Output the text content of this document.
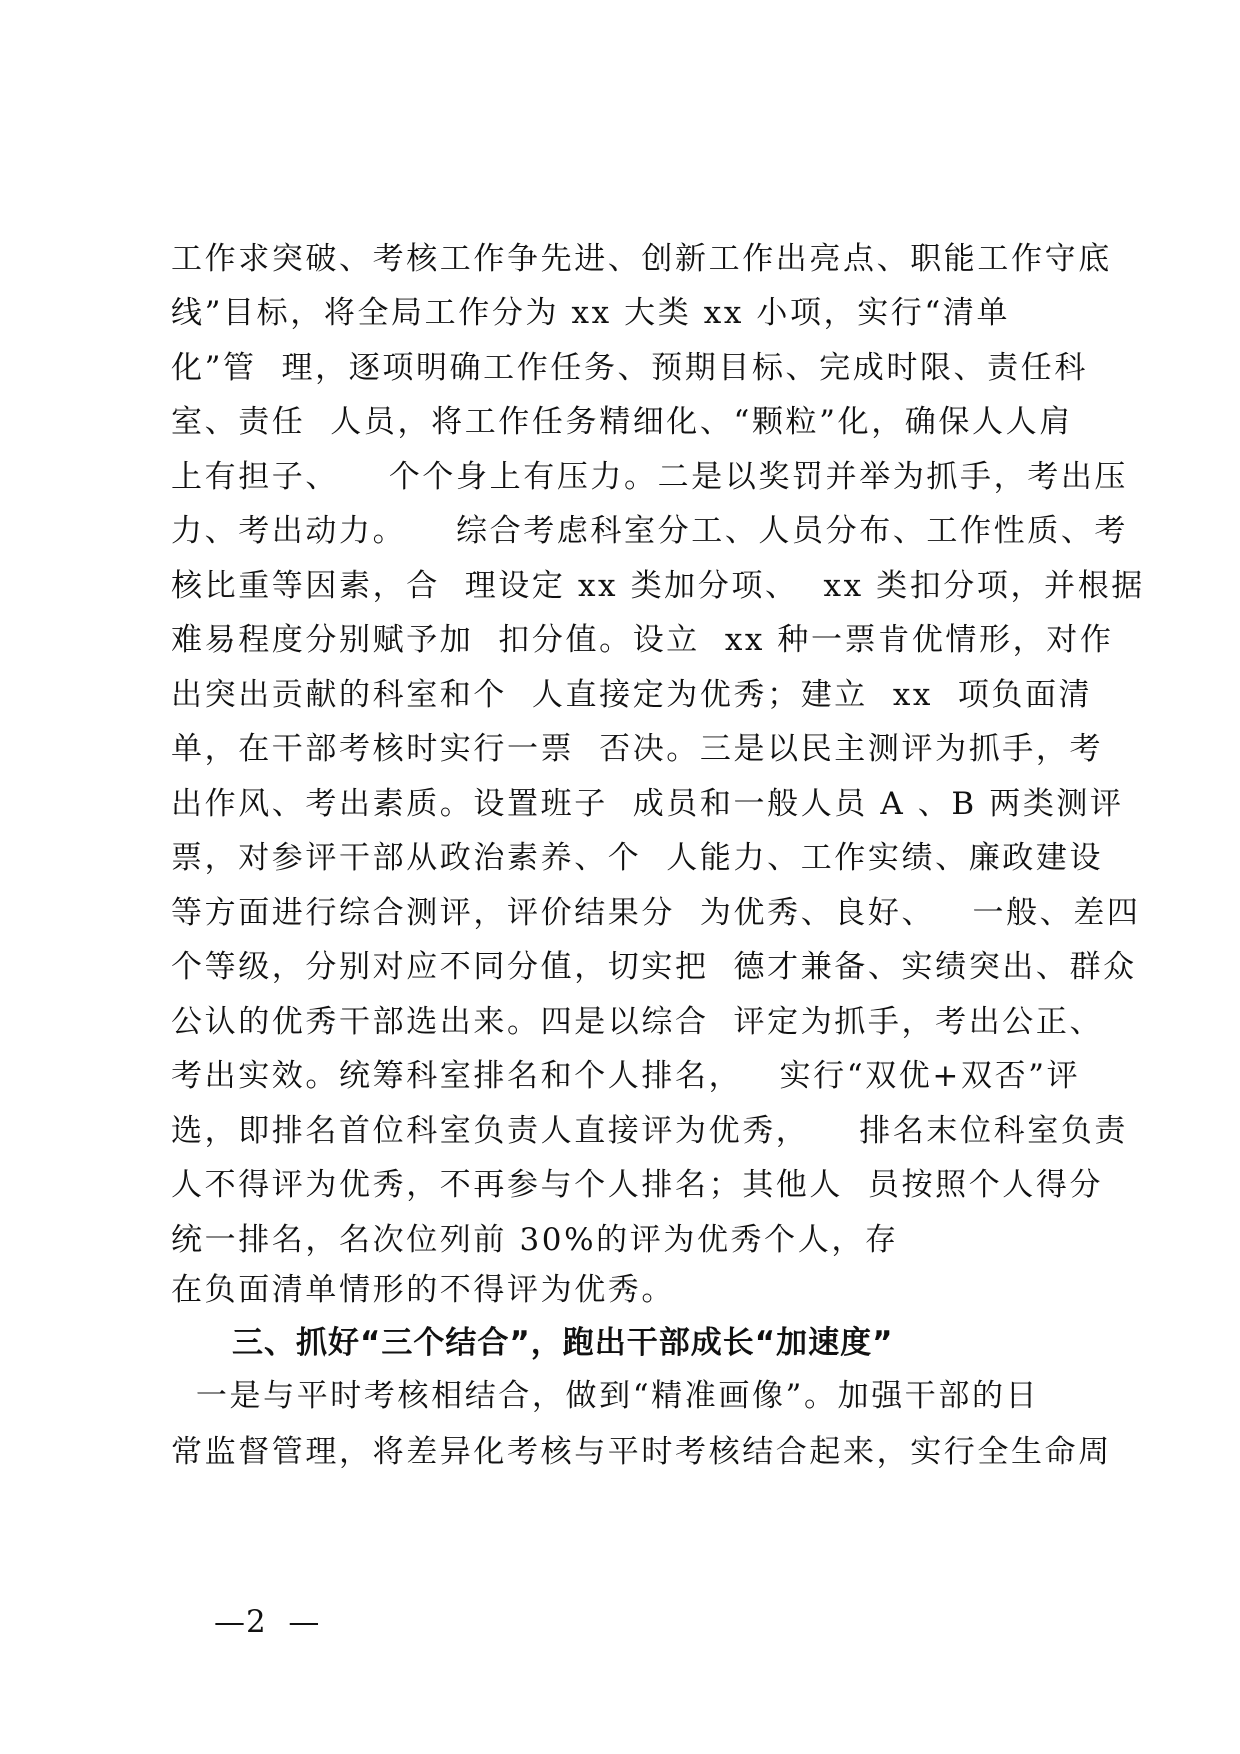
工作求突破、考核工作争先进、创新工作出亮点、职能工作守底
线”目标，将全局工作分为 xx 大类 xx 小项，实行“清单
化”管  理，逐项明确工作任务、预期目标、完成时限、责任科
室、责任  人员，将工作任务精细化、“颗粒”化，确保人人肩
上有担子、    个个身上有压力。二是以奖罚并举为抓手，考出压
力、考出动力。    综合考虑科室分工、人员分布、工作性质、考
核比重等因素，合  理设定 xx 类加分项、  xx 类扣分项，并根据
难易程度分别赋予加  扣分值。设立  xx 种一票肯优情形，对作
出突出贡献的科室和个  人直接定为优秀；建立  xx  项负面清
单，在干部考核时实行一票  否决。三是以民主测评为抓手，考
出作风、考出素质。设置班子  成员和一般人员 A 、B 两类测评
票，对参评干部从政治素养、个  人能力、工作实绩、廉政建设
等方面进行综合测评，评价结果分  为优秀、良好、   一般、差四
个等级，分别对应不同分值，切实把  德才兼备、实绩突出、群众
公认的优秀干部选出来。四是以综合  评定为抓手，考出公正、
考出实效。统筹科室排名和个人排名，   实行“双优+双否”评
选，即排名首位科室负责人直接评为优秀，    排名末位科室负责
人不得评为优秀，不再参与个人排名；其他人  员按照个人得分
统一排名，名次位列前 30%的评为优秀个人，存
在负面清单情形的不得评为优秀。
三、抓好“三个结合”，跑出干部成长“加速度”
一是与平时考核相结合，做到“精准画像”。加强干部的日
常监督管理，将差异化考核与平时考核结合起来，实行全生命周
—2  —
